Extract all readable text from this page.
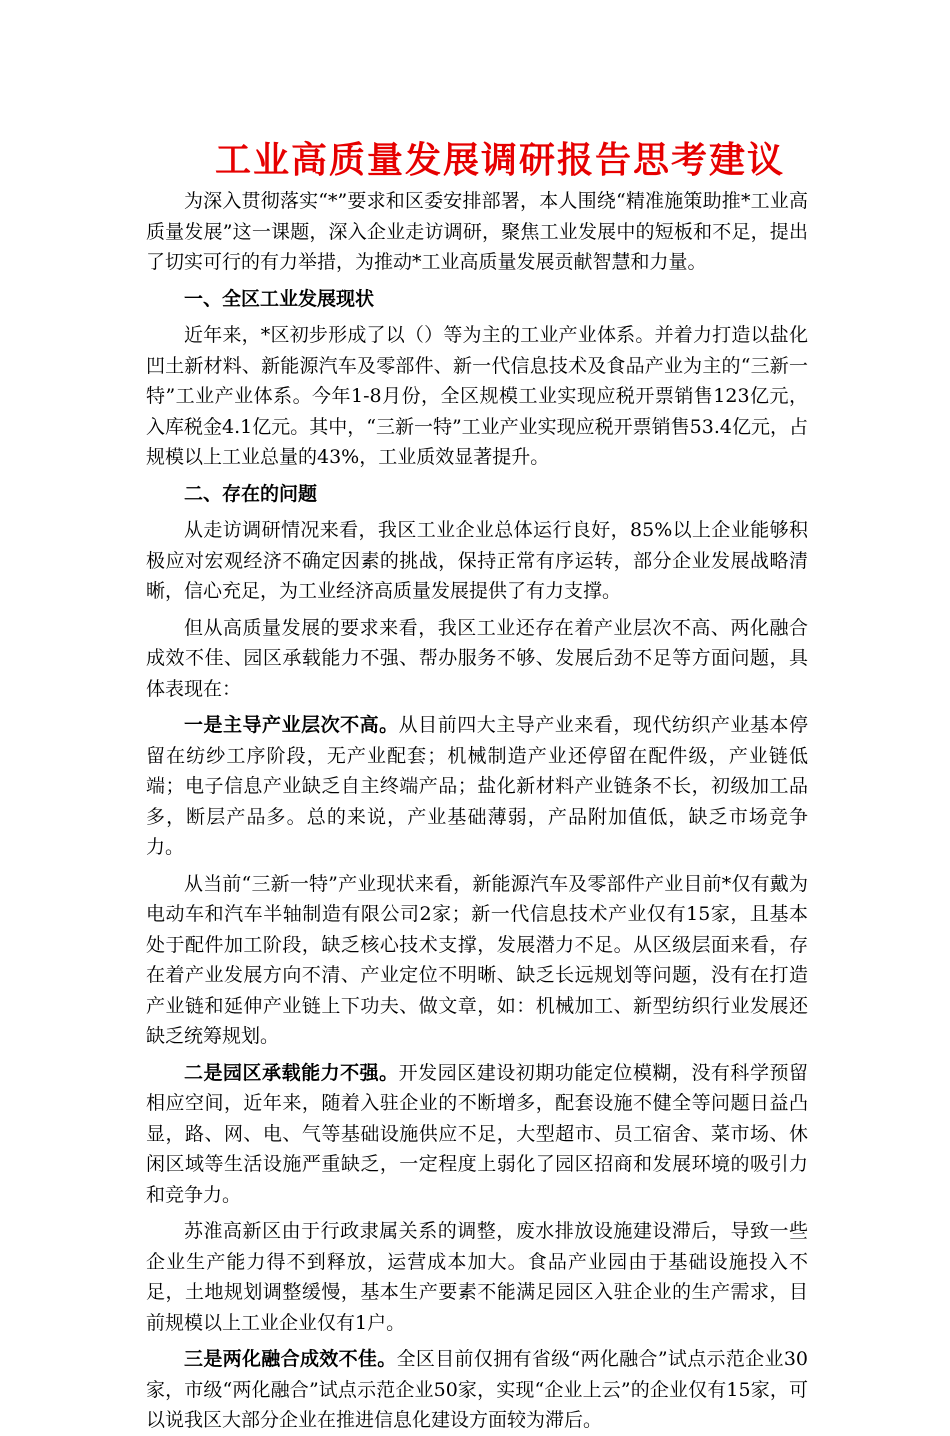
工业高质量发展调研报告思考建议

为深入贯彻落实“*”要求和区委安排部署，本人围绕“精准施策助推*工业高质量发展”这一课题，深入企业走访调研，聚焦工业发展中的短板和不足，提出了切实可行的有力举措，为推动*工业高质量发展贡献智慧和力量。

一、全区工业发展现状

近年来，*区初步形成了以（）等为主的工业产业体系。并着力打造以盐化凹土新材料、新能源汽车及零部件、新一代信息技术及食品产业为主的“三新一特”工业产业体系。今年1-8月份，全区规模工业实现应税开票销售123亿元，入库税金4.1亿元。其中，“三新一特”工业产业实现应税开票销售53.4亿元，占规模以上工业总量的43%，工业质效显著提升。

二、存在的问题

从走访调研情况来看，我区工业企业总体运行良好，85%以上企业能够积极应对宏观经济不确定因素的挑战，保持正常有序运转，部分企业发展战略清晰，信心充足，为工业经济高质量发展提供了有力支撑。

但从高质量发展的要求来看，我区工业还存在着产业层次不高、两化融合成效不佳、园区承载能力不强、帮办服务不够、发展后劲不足等方面问题，具体表现在：

一是主导产业层次不高。从目前四大主导产业来看，现代纺织产业基本停留在纺纱工序阶段，无产业配套；机械制造产业还停留在配件级，产业链低端；电子信息产业缺乏自主终端产品；盐化新材料产业链条不长，初级加工品多，断层产品多。总的来说，产业基础薄弱，产品附加值低，缺乏市场竞争力。

从当前“三新一特”产业现状来看，新能源汽车及零部件产业目前*仅有戴为电动车和汽车半轴制造有限公司2家；新一代信息技术产业仅有15家，且基本处于配件加工阶段，缺乏核心技术支撑，发展潜力不足。从区级层面来看，存在着产业发展方向不清、产业定位不明晰、缺乏长远规划等问题，没有在打造产业链和延伸产业链上下功夫、做文章，如：机械加工、新型纺织行业发展还缺乏统筹规划。

二是园区承载能力不强。开发园区建设初期功能定位模糊，没有科学预留相应空间，近年来，随着入驻企业的不断增多，配套设施不健全等问题日益凸显，路、网、电、气等基础设施供应不足，大型超市、员工宿舍、菜市场、休闲区域等生活设施严重缺乏，一定程度上弱化了园区招商和发展环境的吸引力和竞争力。

苏淮高新区由于行政隶属关系的调整，废水排放设施建设滞后，导致一些企业生产能力得不到释放，运营成本加大。食品产业园由于基础设施投入不足，土地规划调整缓慢，基本生产要素不能满足园区入驻企业的生产需求，目前规模以上工业企业仅有1户。

三是两化融合成效不佳。全区目前仅拥有省级“两化融合”试点示范企业30家，市级“两化融合”试点示范企业50家，实现“企业上云”的企业仅有15家，可以说我区大部分企业在推进信息化建设方面较为滞后。
